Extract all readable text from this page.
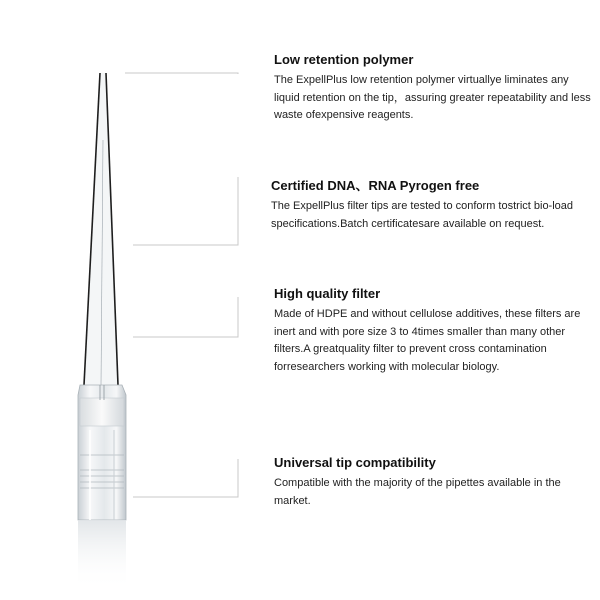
Low retention polymer

The ExpellPlus low retention polymer virtuallye liminates any liquid retention on the tip，assuring greater repeatability and less waste ofexpensive reagents.

Certified DNA、RNA Pyrogen free

The ExpellPlus filter tips are tested to conform tostrict bio-load specifications.Batch certificatesare available on request.

High quality filter

Made of HDPE and without cellulose additives, these filters are inert and with pore size 3 to 4times smaller than many other filters.A greatquality filter to prevent cross contamination forresearchers working with molecular biology.

Universal tip compatibility

Compatible with the majority of the pipettes available in the market.
